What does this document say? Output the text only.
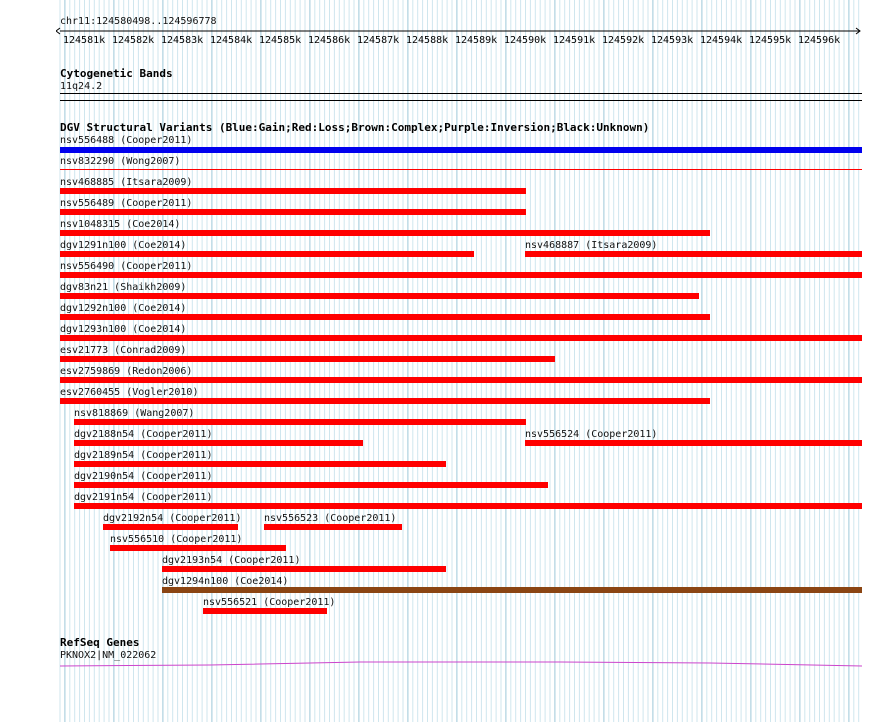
chr11:124580498..124596778
124581k 124582k 124583k 124584k 124585k 124586k 124587k 124588k 124589k 124590k 124591k 124592k 124593k 124594k 124595k 124596k
Cytogenetic Bands
11q24.2
DGV Structural Variants (Blue:Gain;Red:Loss;Brown:Complex;Purple:Inversion;Black:Unknown)
nsv556488 (Cooper2011)
nsv832290 (Wong2007)
nsv468885 (Itsara2009)
nsv556489 (Cooper2011)
nsv1048315 (Coe2014)
dgv1291n100 (Coe2014)	nsv468887 (Itsara2009)
nsv556490 (Cooper2011)
dgv83n21 (Shaikh2009)
dgv1292n100 (Coe2014)
dgv1293n100 (Coe2014)
esv21773 (Conrad2009)
esv2759869 (Redon2006)
esv2760455 (Vogler2010)
nsv818869 (Wang2007)
dgv2188n54 (Cooper2011)	nsv556524 (Cooper2011)
dgv2189n54 (Cooper2011)
dgv2190n54 (Cooper2011)
dgv2191n54 (Cooper2011)
dgv2192n54 (Cooper2011) nsv556523 (Cooper2011)
nsv556510 (Cooper2011)
dgv2193n54 (Cooper2011)
dgv1294n100 (Coe2014)
nsv556521 (Cooper2011)
RefSeq Genes
PKNOX2|NM_022062
